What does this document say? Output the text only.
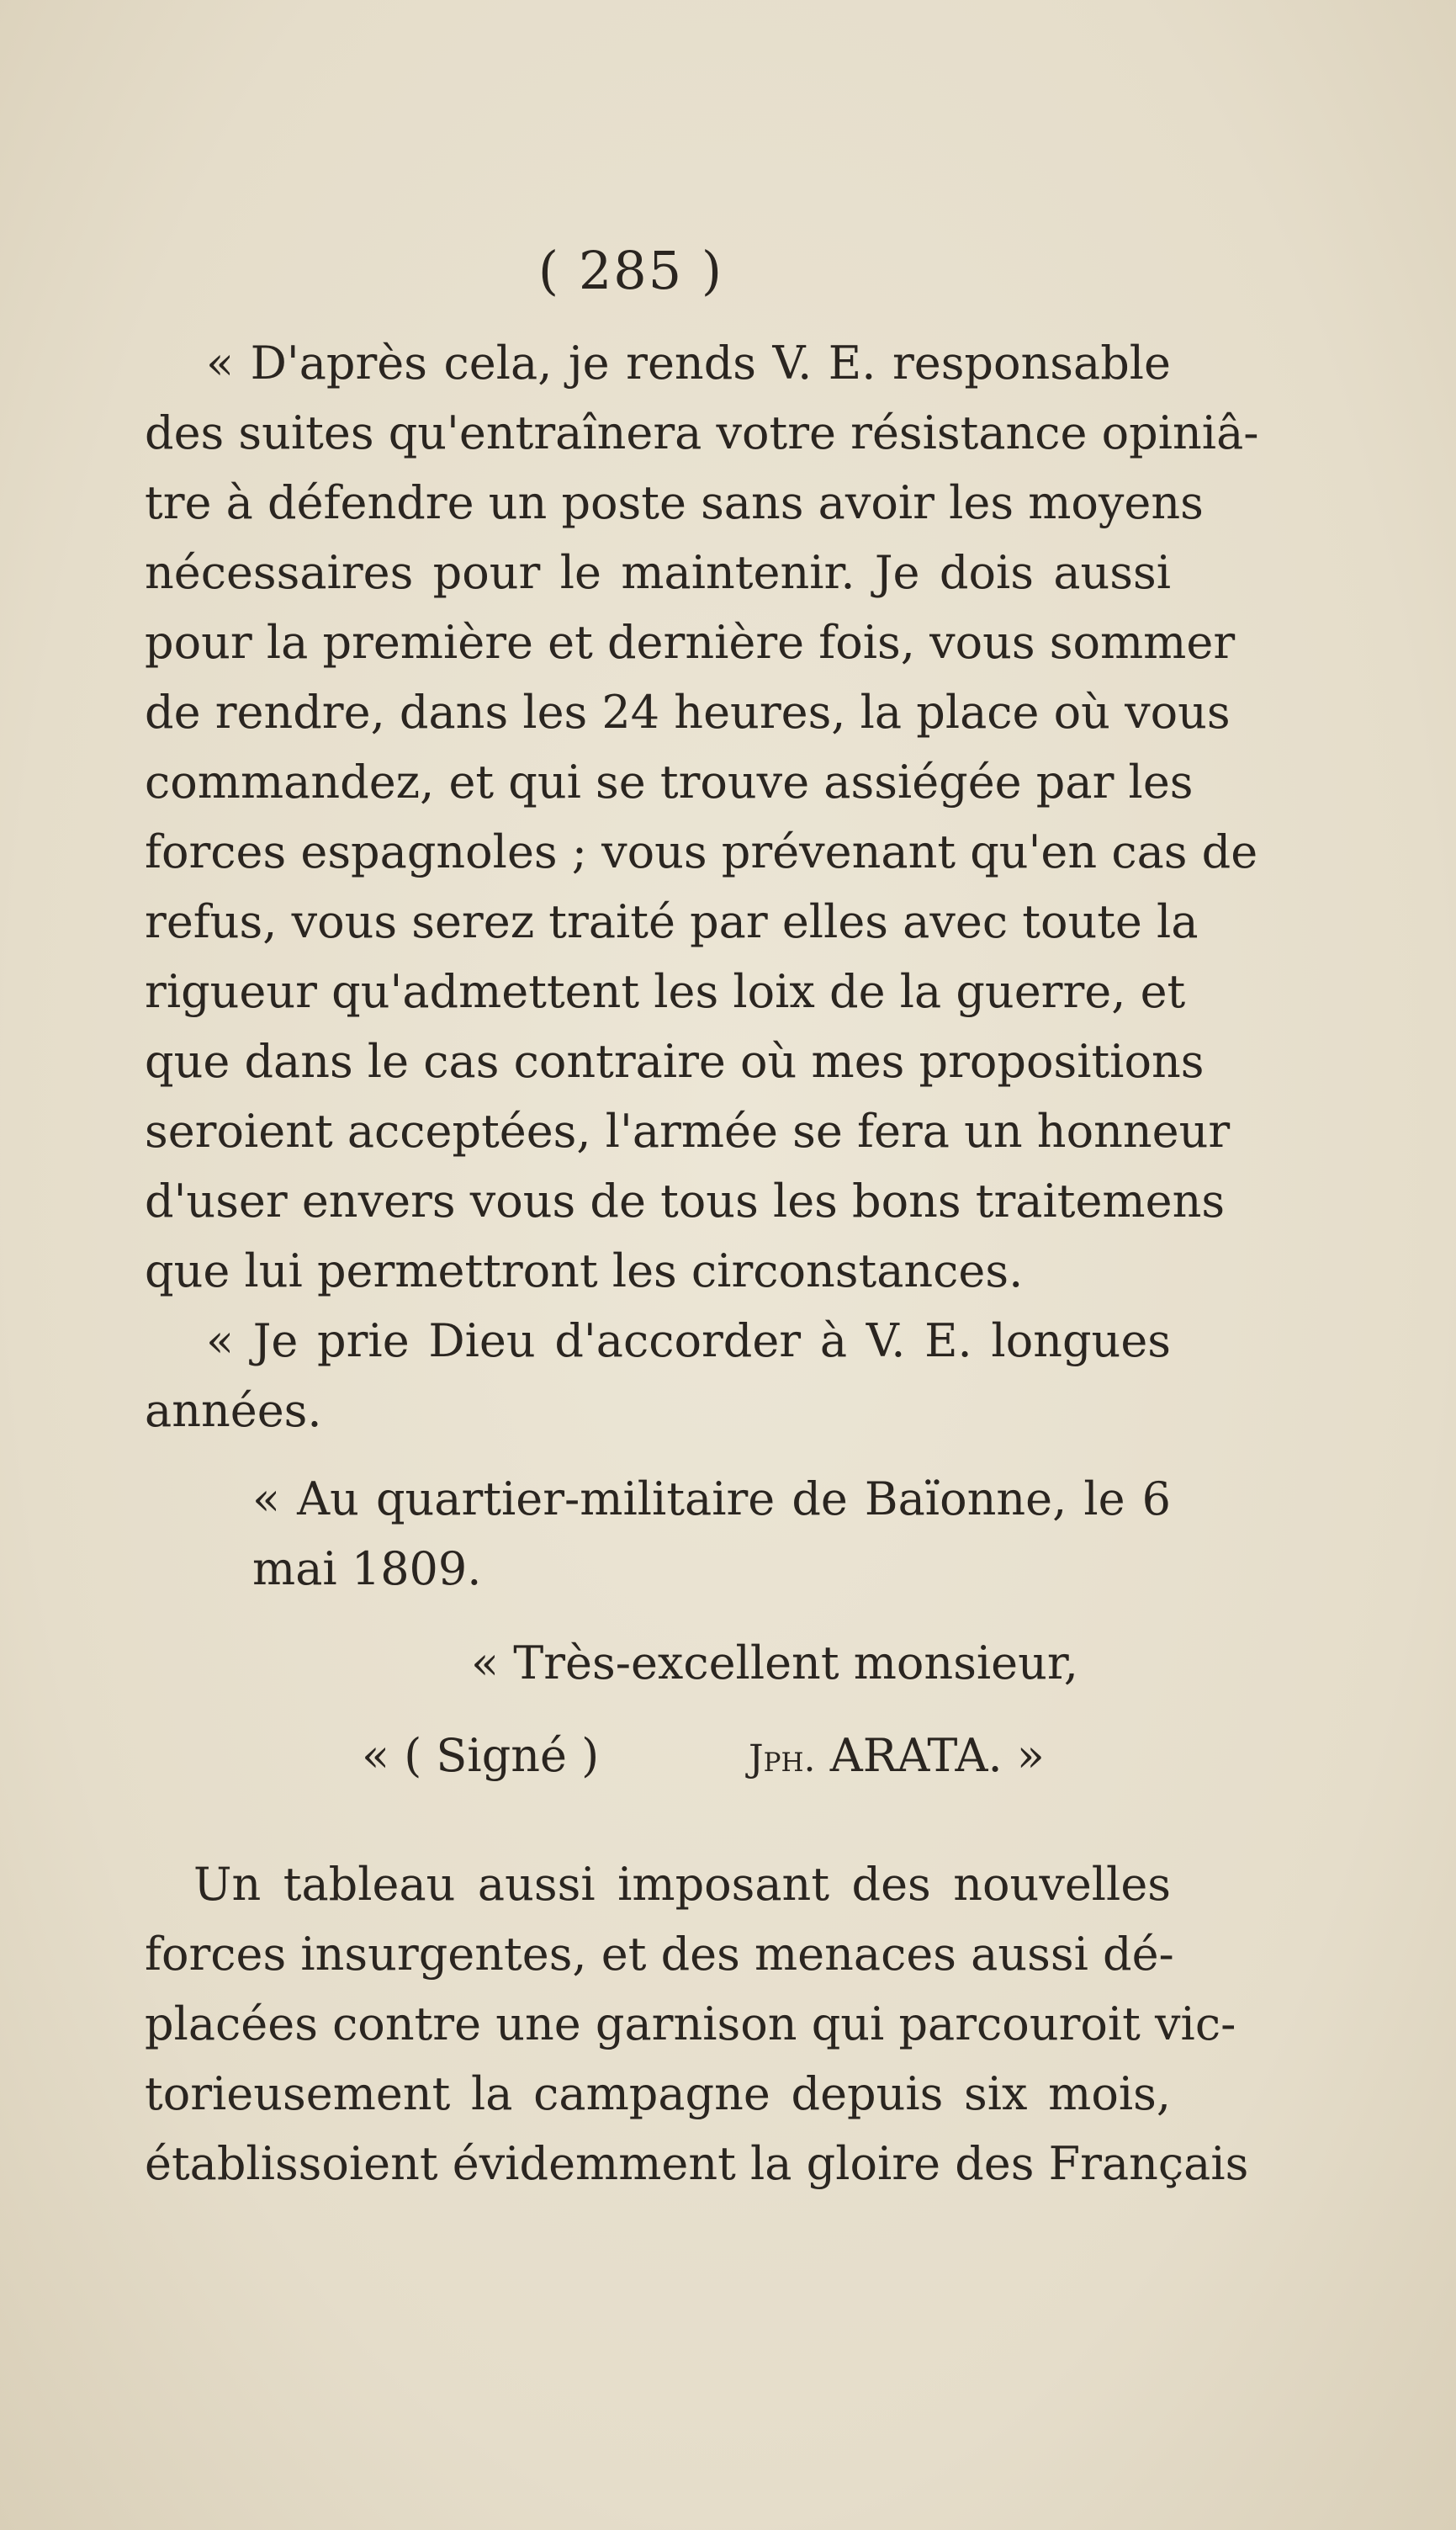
( 285 )
« D'après cela, je rends V. E. responsable
des suites qu'entraînera votre résistance opiniâ-
tre à défendre un poste sans avoir les moyens
nécessaires pour le maintenir. Je dois aussi
pour la première et dernière fois, vous sommer
de rendre, dans les 24 heures, la place où vous
commandez, et qui se trouve assiégée par les
forces espagnoles ; vous prévenant qu'en cas de
refus, vous serez traité par elles avec toute la
rigueur qu'admettent les loix de la guerre, et
que dans le cas contraire où mes propositions
seroient acceptées, l'armée se fera un honneur
d'user envers vous de tous les bons traitemens
que lui permettront les circonstances.
« Je prie Dieu d'accorder à V. E. longues
années.
« Au quartier-militaire de Baïonne, le 6
mai 1809.
« Très-excellent monsieur,
« ( Signé )	Jph. ARATA. »
Un tableau aussi imposant des nouvelles
forces insurgentes, et des menaces aussi dé-
placées contre une garnison qui parcouroit vic-
torieusement la campagne depuis six mois,
établissoient évidemment la gloire des Français
